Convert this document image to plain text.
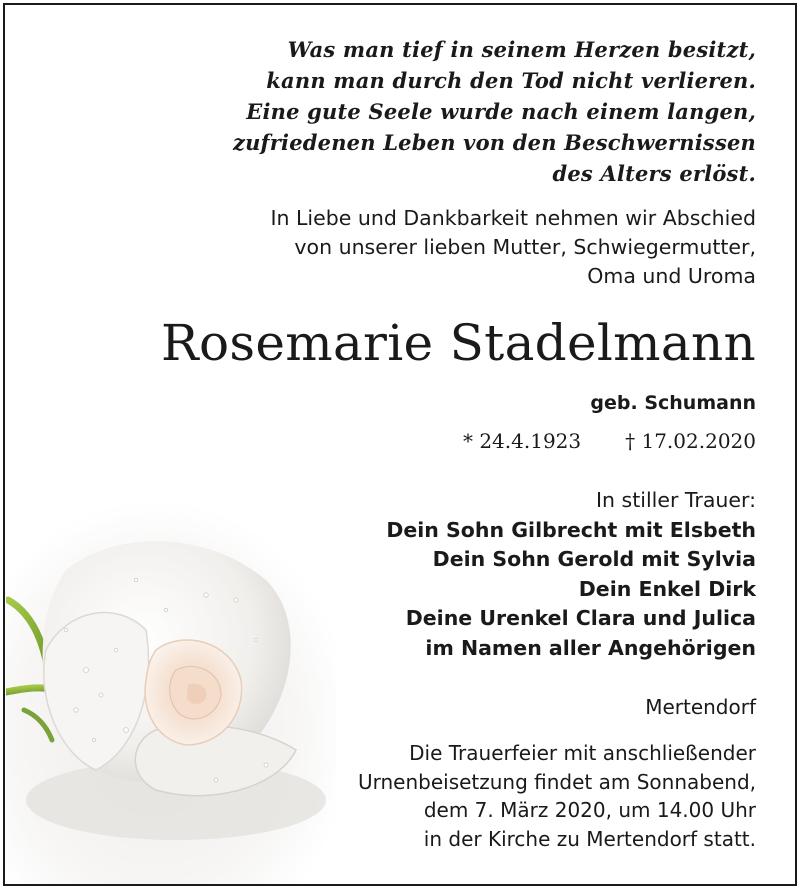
Was man tief in seinem Herzen besitzt,
kann man durch den Tod nicht verlieren.
Eine gute Seele wurde nach einem langen,
zufriedenen Leben von den Beschwernissen
des Alters erlöst.
In Liebe und Dankbarkeit nehmen wir Abschied
von unserer lieben Mutter, Schwiegermutter,
Oma und Uroma
Rosemarie Stadelmann
geb. Schumann
* 24.4.1923 † 17.02.2020
In stiller Trauer:
Dein Sohn Gilbrecht mit Elsbeth
Dein Sohn Gerold mit Sylvia
Dein Enkel Dirk
Deine Urenkel Clara und Julica
im Namen aller Angehörigen
Mertendorf
Die Trauerfeier mit anschließender
Urnenbeisetzung findet am Sonnabend,
dem 7. März 2020, um 14.00 Uhr
in der Kirche zu Mertendorf statt.
